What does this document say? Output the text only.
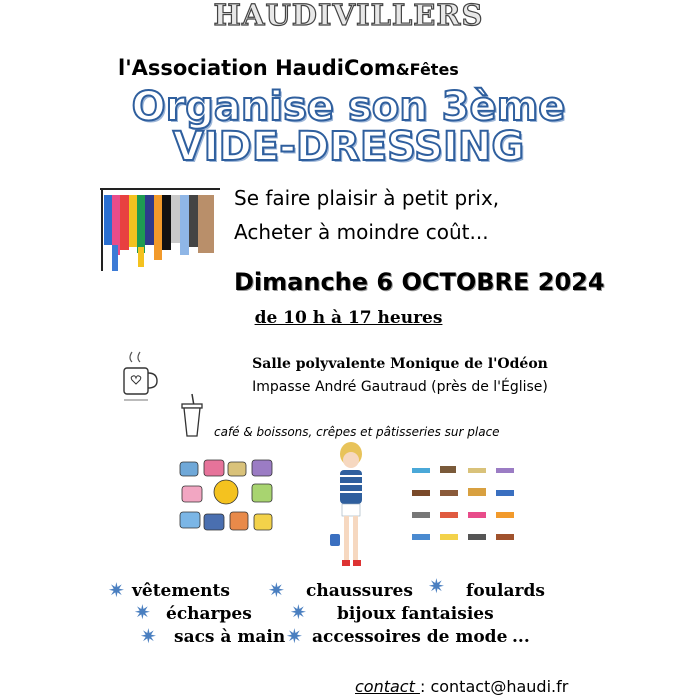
HAUDIVILLERS
l'Association HaudiCom&Fêtes
Organise son 3ème
VIDE-DRESSING
Se faire plaisir à petit prix,
Acheter à moindre coût...
Dimanche 6 OCTOBRE 2024
de 10 h à 17 heures
Salle polyvalente Monique de l'Odéon
Impasse André Gautraud (près de l'Église)
café & boissons, crêpes et pâtisseries sur place
✷ vêtements ✷ chaussures ✷ foulards
✷ écharpes ✷ bijoux fantaisies
✷ sacs à main ✷ accessoires de mode ...
contact : contact@haudi.fr
